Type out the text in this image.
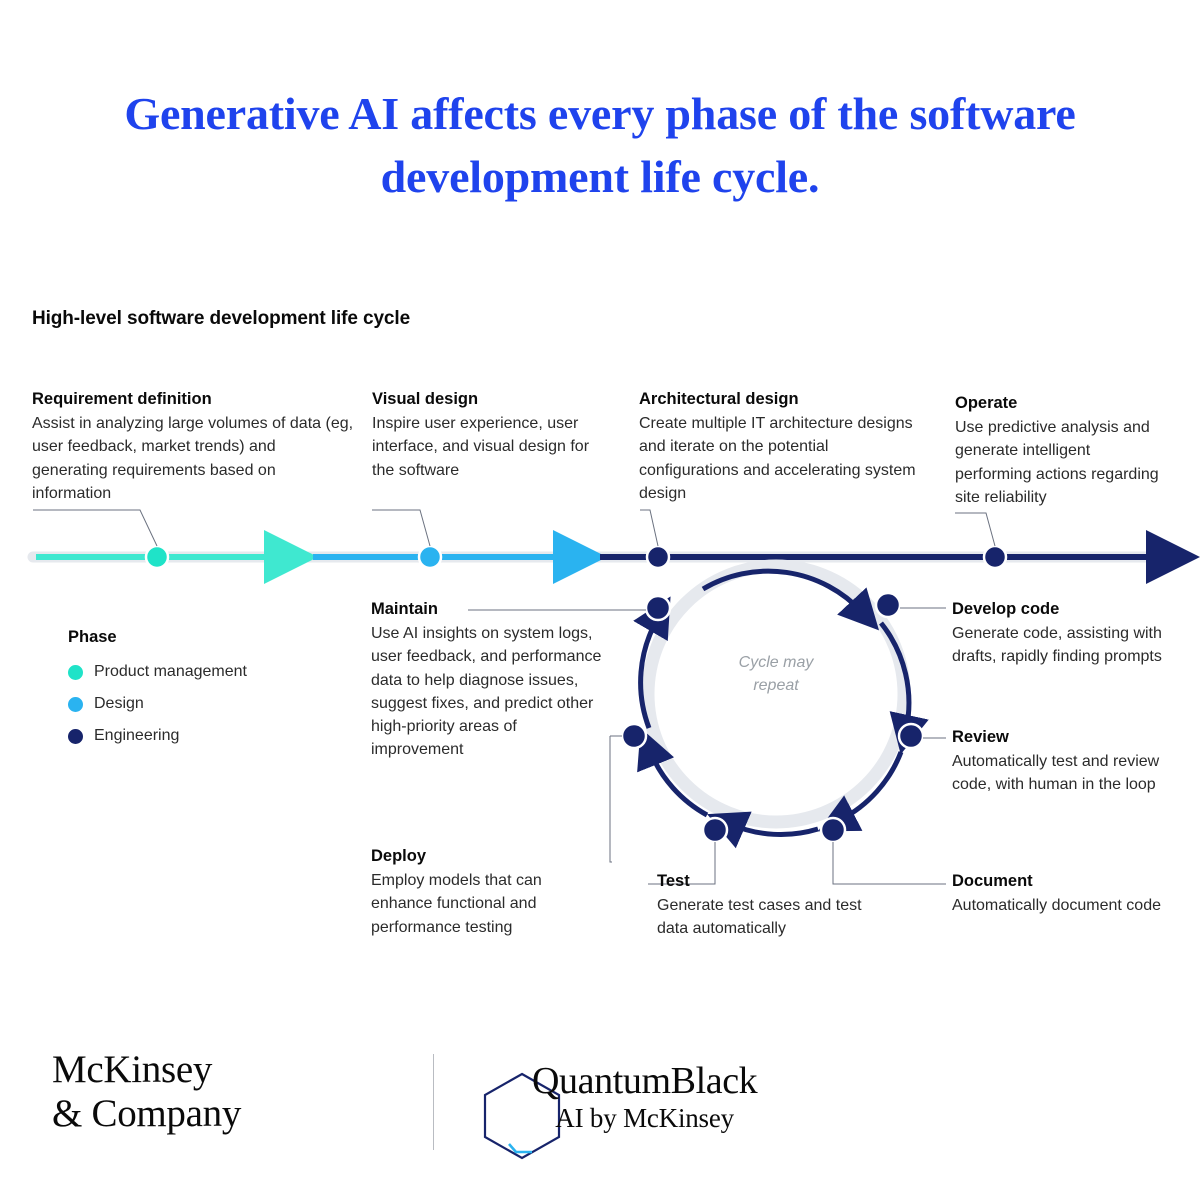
Generative AI affects every phase of the software development life cycle.
High-level software development life cycle
Requirement definition
Assist in analyzing large volumes of data (eg, user feedback, market trends) and generating requirements based on information
Visual design
Inspire user experience, user interface, and visual design for the software
Architectural design
Create multiple IT architecture designs and iterate on the potential configurations and accelerating system design
Operate
Use predictive analysis and generate intelligent performing actions regarding site reliability
Phase
Product management
Design
Engineering
Cycle may repeat
Maintain
Use AI insights on system logs, user feedback, and performance data to help diagnose issues, suggest fixes, and predict other high-priority areas of improvement
Develop code
Generate code, assisting with drafts, rapidly finding prompts
Review
Automatically test and review code, with human in the loop
Deploy
Employ models that can enhance functional and performance testing
Test
Generate test cases and test data automatically
Document
Automatically document code
McKinsey
& Company
QuantumBlack
AI by McKinsey
